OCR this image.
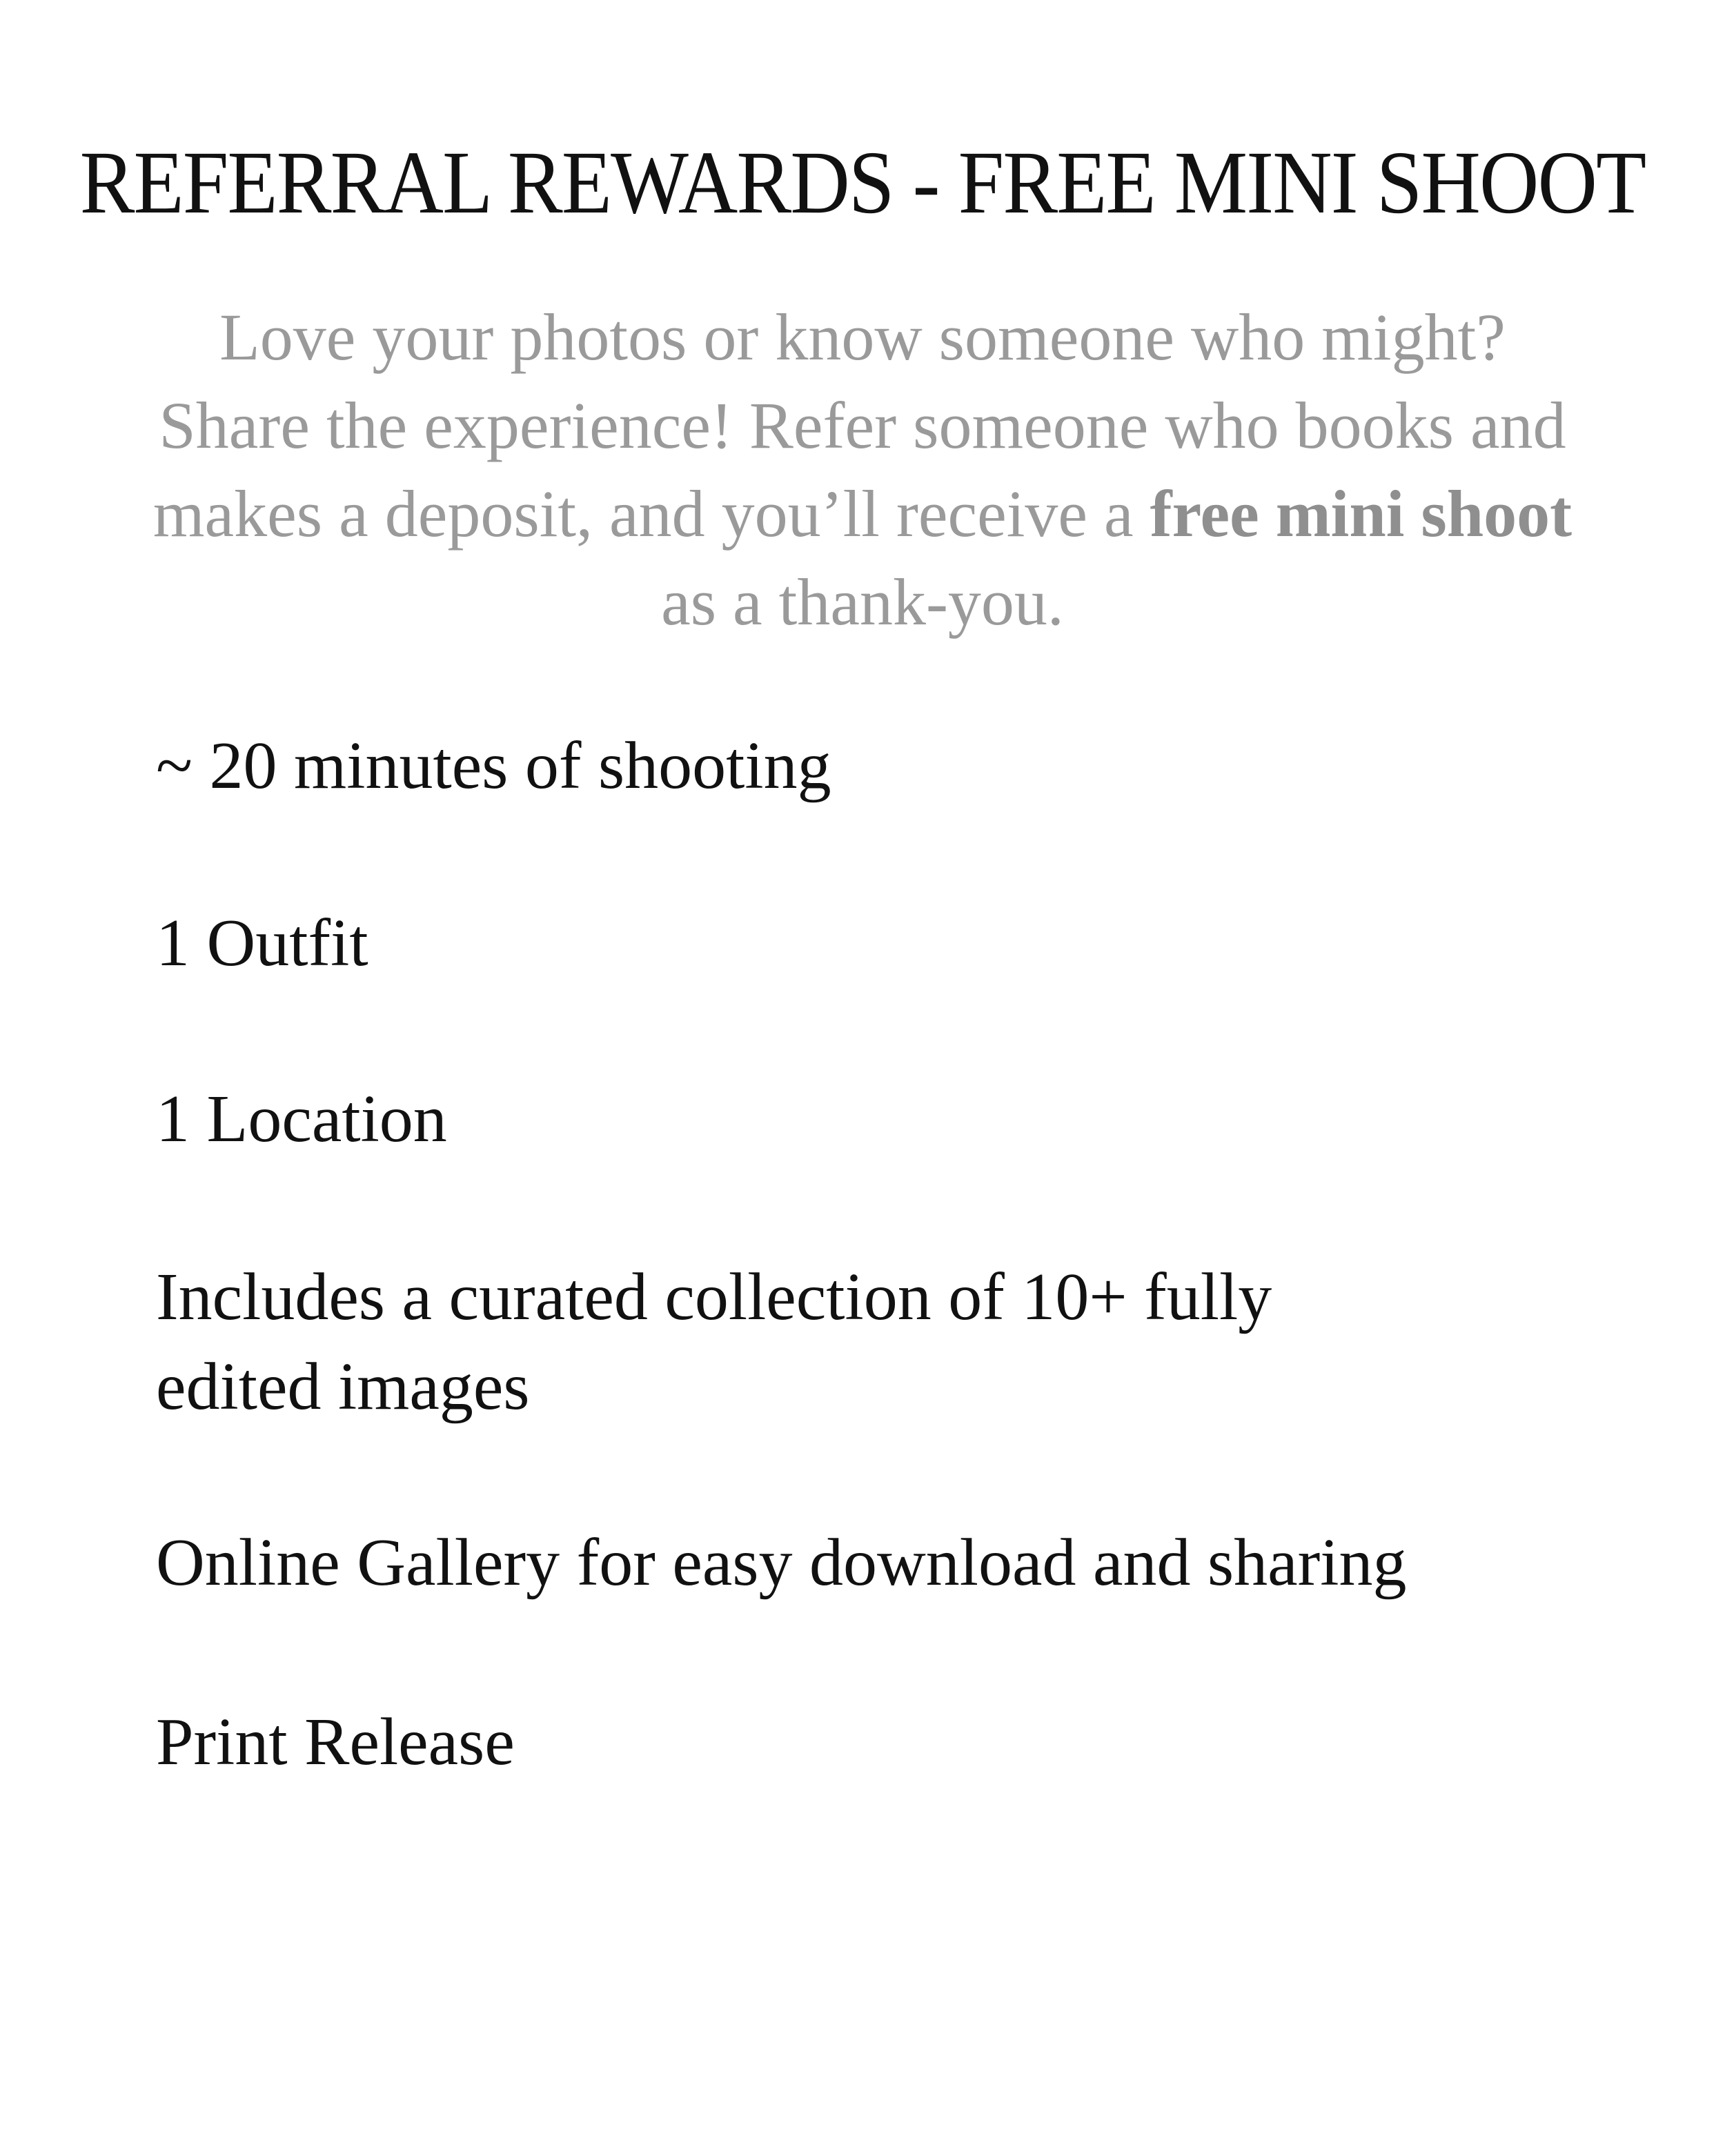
REFERRAL REWARDS - FREE MINI SHOOT

Love your photos or know someone who might? Share the experience! Refer someone who books and makes a deposit, and you’ll receive a free mini shoot as a thank-you.

~ 20 minutes of shooting
1 Outfit
1 Location
Includes a curated collection of 10+ fully edited images
Online Gallery for easy download and sharing
Print Release
